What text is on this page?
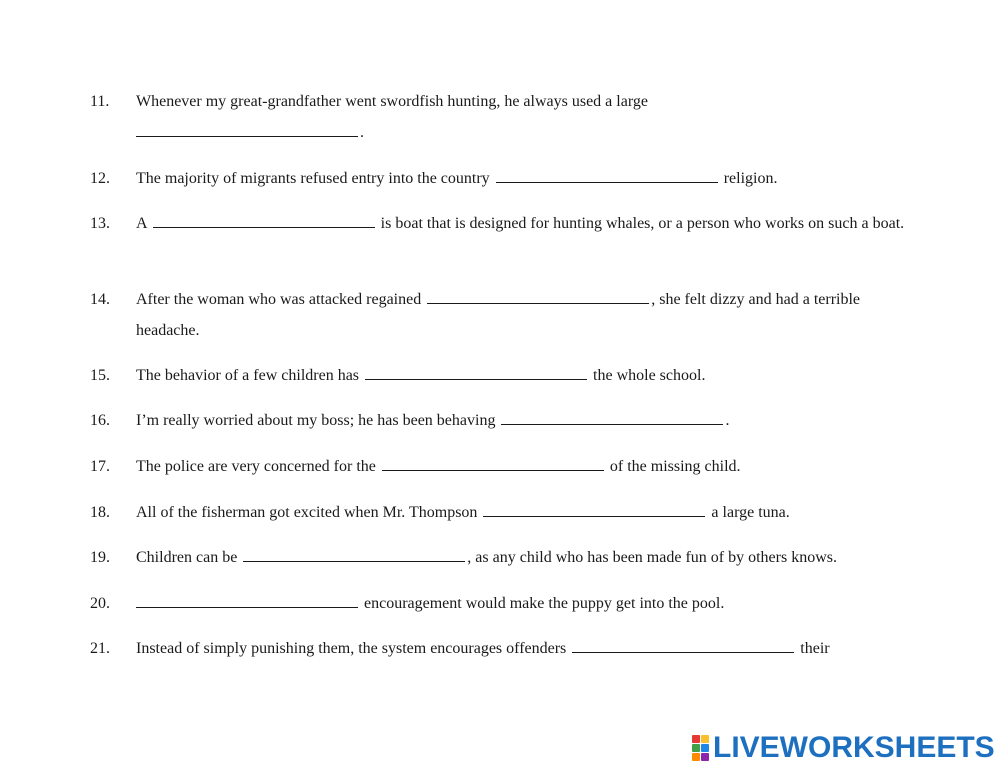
11.	Whenever my great-grandfather went swordfish hunting, he always used a large
.
12.	The majority of migrants refused entry into the country	religion.
13.	A	is boat that is designed for hunting whales, or a person who works on such a boat.
14.	After the woman who was attacked regained	, she felt dizzy and had a terrible headache.
15.	The behavior of a few children has	the whole school.
16.	I’m really worried about my boss; he has been behaving	.
17.	The police are very concerned for the	of the missing child.
18.	All of the fisherman got excited when Mr. Thompson	a large tuna.
19.	Children can be	, as any child who has been made fun of by others knows.
20.	encouragement would make the puppy get into the pool.
21.	Instead of simply punishing them, the system encourages offenders	their
LIVEWORKSHEETS
